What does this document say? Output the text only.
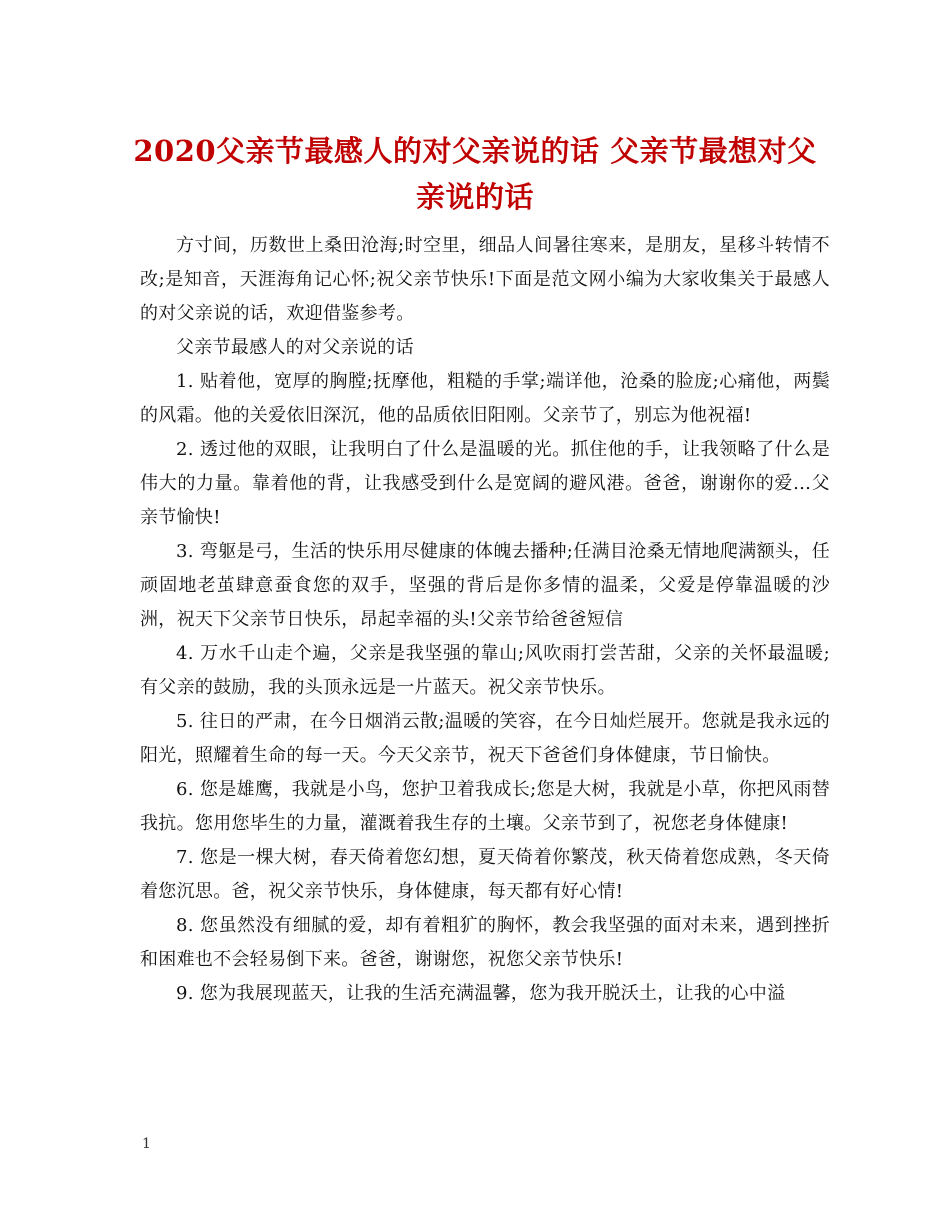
2020父亲节最感人的对父亲说的话 父亲节最想对父亲说的话

方寸间，历数世上桑田沧海;时空里，细品人间暑往寒来，是朋友，星移斗转情不改;是知音，天涯海角记心怀;祝父亲节快乐!下面是范文网小编为大家收集关于最感人的对父亲说的话，欢迎借鉴参考。

父亲节最感人的对父亲说的话

1. 贴着他，宽厚的胸膛;抚摩他，粗糙的手掌;端详他，沧桑的脸庞;心痛他，两鬓的风霜。他的关爱依旧深沉，他的品质依旧阳刚。父亲节了，别忘为他祝福!

2. 透过他的双眼，让我明白了什么是温暖的光。抓住他的手，让我领略了什么是伟大的力量。靠着他的背，让我感受到什么是宽阔的避风港。爸爸，谢谢你的爱…父亲节愉快!

3. 弯躯是弓，生活的快乐用尽健康的体魄去播种;任满目沧桑无情地爬满额头，任顽固地老茧肆意蚕食您的双手，坚强的背后是你多情的温柔，父爱是停靠温暖的沙洲，祝天下父亲节日快乐，昂起幸福的头!父亲节给爸爸短信

4. 万水千山走个遍，父亲是我坚强的靠山;风吹雨打尝苦甜，父亲的关怀最温暖;有父亲的鼓励，我的头顶永远是一片蓝天。祝父亲节快乐。

5. 往日的严肃，在今日烟消云散;温暖的笑容，在今日灿烂展开。您就是我永远的阳光，照耀着生命的每一天。今天父亲节，祝天下爸爸们身体健康，节日愉快。

6. 您是雄鹰，我就是小鸟，您护卫着我成长;您是大树，我就是小草，你把风雨替我抗。您用您毕生的力量，灌溉着我生存的土壤。父亲节到了，祝您老身体健康!

7. 您是一棵大树，春天倚着您幻想，夏天倚着你繁茂，秋天倚着您成熟，冬天倚着您沉思。爸，祝父亲节快乐，身体健康，每天都有好心情!

8. 您虽然没有细腻的爱，却有着粗犷的胸怀，教会我坚强的面对未来，遇到挫折和困难也不会轻易倒下来。爸爸，谢谢您，祝您父亲节快乐!

9. 您为我展现蓝天，让我的生活充满温馨，您为我开脱沃土，让我的心中溢

1
